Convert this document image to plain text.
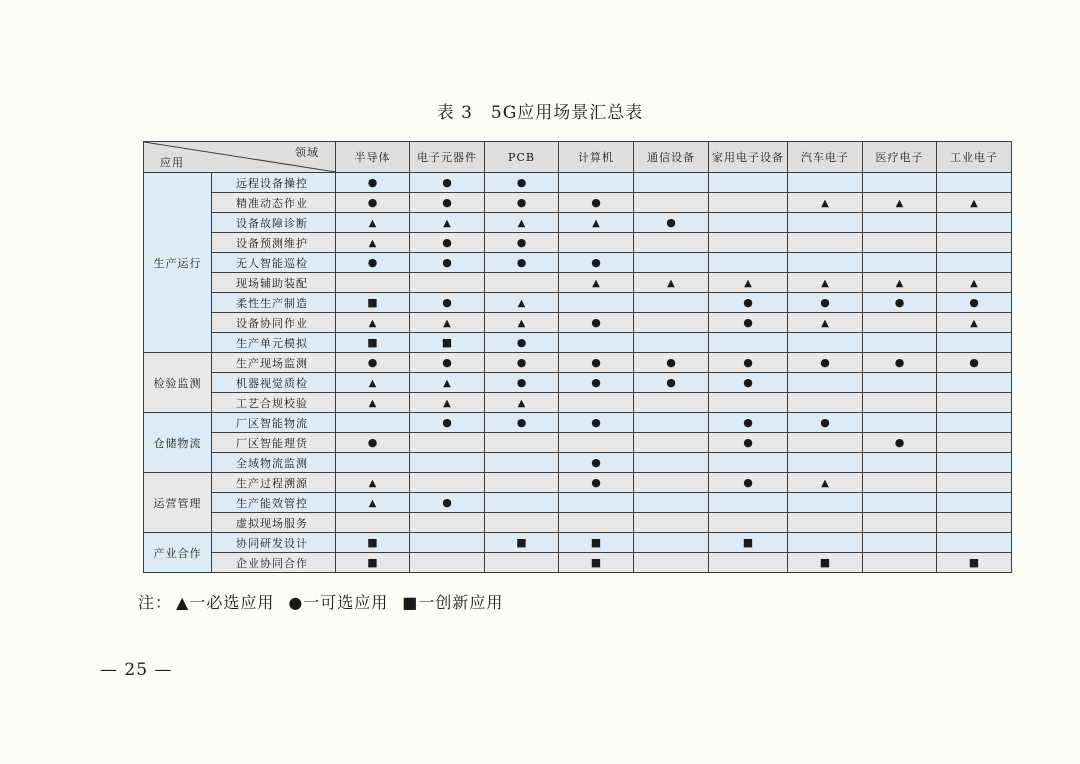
表 3　5G应用场景汇总表
领域
应用		半导体	电子元器件	PCB	计算机	通信设备	家用电子设备	汽车电子	医疗电子	工业电子
生产运行	远程设备操控	●	●	●						
	精准动态作业	●	●	●	●			▲	▲	▲
	设备故障诊断	▲	▲	▲	▲	●				
	设备预测维护	▲	●	●						
	无人智能巡检	●	●	●	●					
	现场辅助装配				▲	▲	▲	▲	▲	▲
	柔性生产制造	■	●	▲			●	●	●	●
	设备协同作业	▲	▲	▲	●		●	▲		▲
	生产单元模拟	■	■	●						
检验监测	生产现场监测	●	●	●	●	●	●	●	●	●
	机器视觉质检	▲	▲	●	●	●	●			
	工艺合规校验	▲	▲	▲						
仓储物流	厂区智能物流		●	●	●		●	●		
	厂区智能理货	●					●		●	
	全域物流监测				●					
运营管理	生产过程溯源	▲			●		●	▲		
	生产能效管控	▲	●							
	虚拟现场服务									
产业合作	协同研发设计	■		■	■		■			
	企业协同合作	■			■			■		■
注： ▲一必选应用 ●一可选应用 ■一创新应用
— 25 —
